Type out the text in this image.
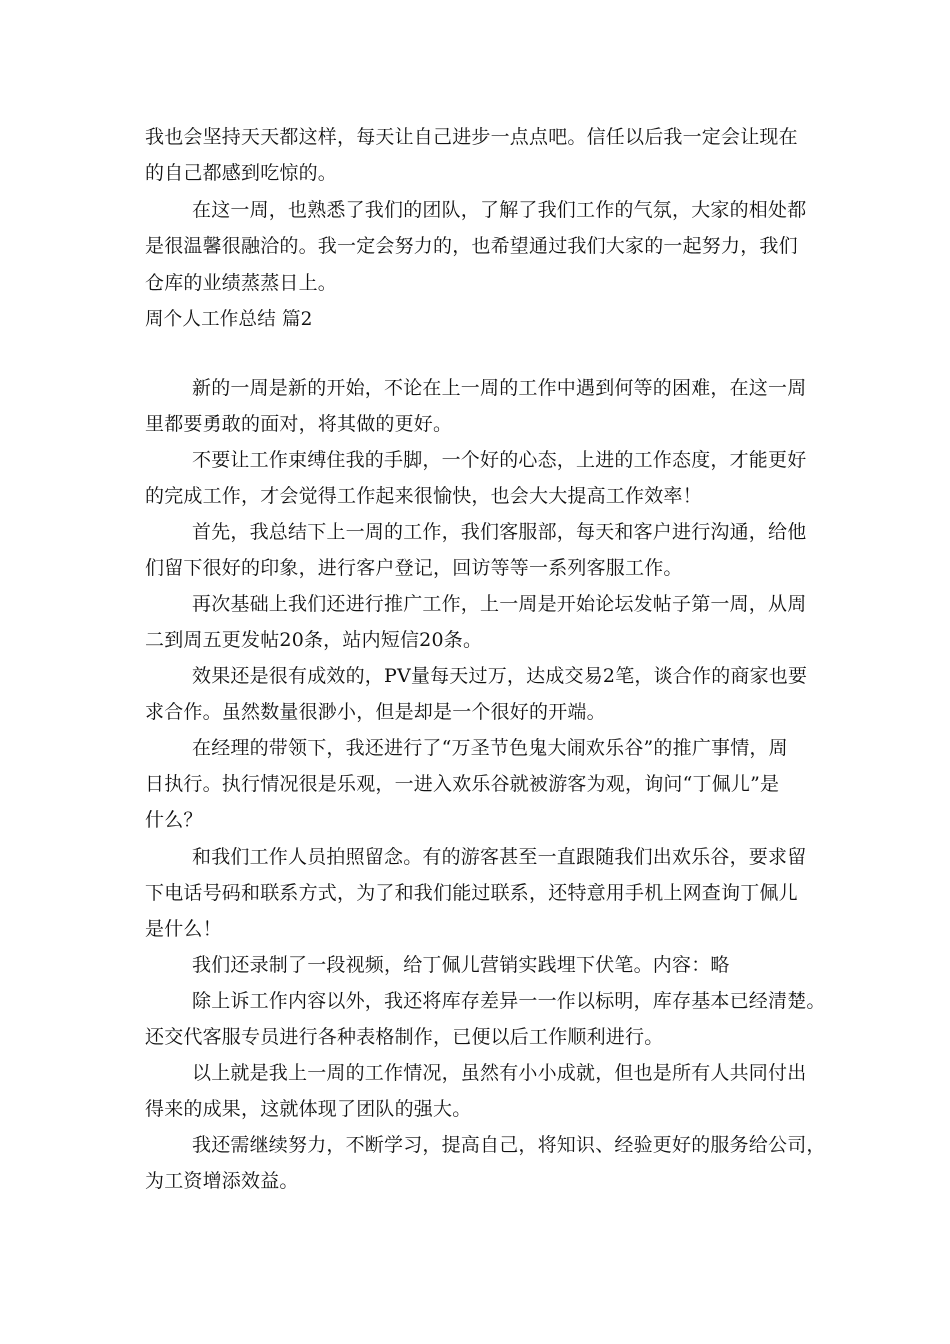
我也会坚持天天都这样，每天让自己进步一点点吧。信任以后我一定会让现在
的自己都感到吃惊的。
在这一周，也熟悉了我们的团队，了解了我们工作的气氛，大家的相处都
是很温馨很融洽的。我一定会努力的，也希望通过我们大家的一起努力，我们
仓库的业绩蒸蒸日上。
周个人工作总结 篇2
新的一周是新的开始，不论在上一周的工作中遇到何等的困难，在这一周
里都要勇敢的面对，将其做的更好。
不要让工作束缚住我的手脚，一个好的心态，上进的工作态度，才能更好
的完成工作，才会觉得工作起来很愉快，也会大大提高工作效率！
首先，我总结下上一周的工作，我们客服部，每天和客户进行沟通，给他
们留下很好的印象，进行客户登记，回访等等一系列客服工作。
再次基础上我们还进行推广工作，上一周是开始论坛发帖子第一周，从周
二到周五更发帖20条，站内短信20条。
效果还是很有成效的，PV量每天过万，达成交易2笔，谈合作的商家也要
求合作。虽然数量很渺小，但是却是一个很好的开端。
在经理的带领下，我还进行了“万圣节色鬼大闹欢乐谷”的推广事情，周
日执行。执行情况很是乐观，一进入欢乐谷就被游客为观，询问“丁佩儿”是
什么？
和我们工作人员拍照留念。有的游客甚至一直跟随我们出欢乐谷，要求留
下电话号码和联系方式，为了和我们能过联系，还特意用手机上网查询丁佩儿
是什么！
我们还录制了一段视频，给丁佩儿营销实践埋下伏笔。内容：略
除上诉工作内容以外，我还将库存差异一一作以标明，库存基本已经清楚。
还交代客服专员进行各种表格制作，已便以后工作顺利进行。
以上就是我上一周的工作情况，虽然有小小成就，但也是所有人共同付出
得来的成果，这就体现了团队的强大。
我还需继续努力，不断学习，提高自己，将知识、经验更好的服务给公司，
为工资增添效益。
